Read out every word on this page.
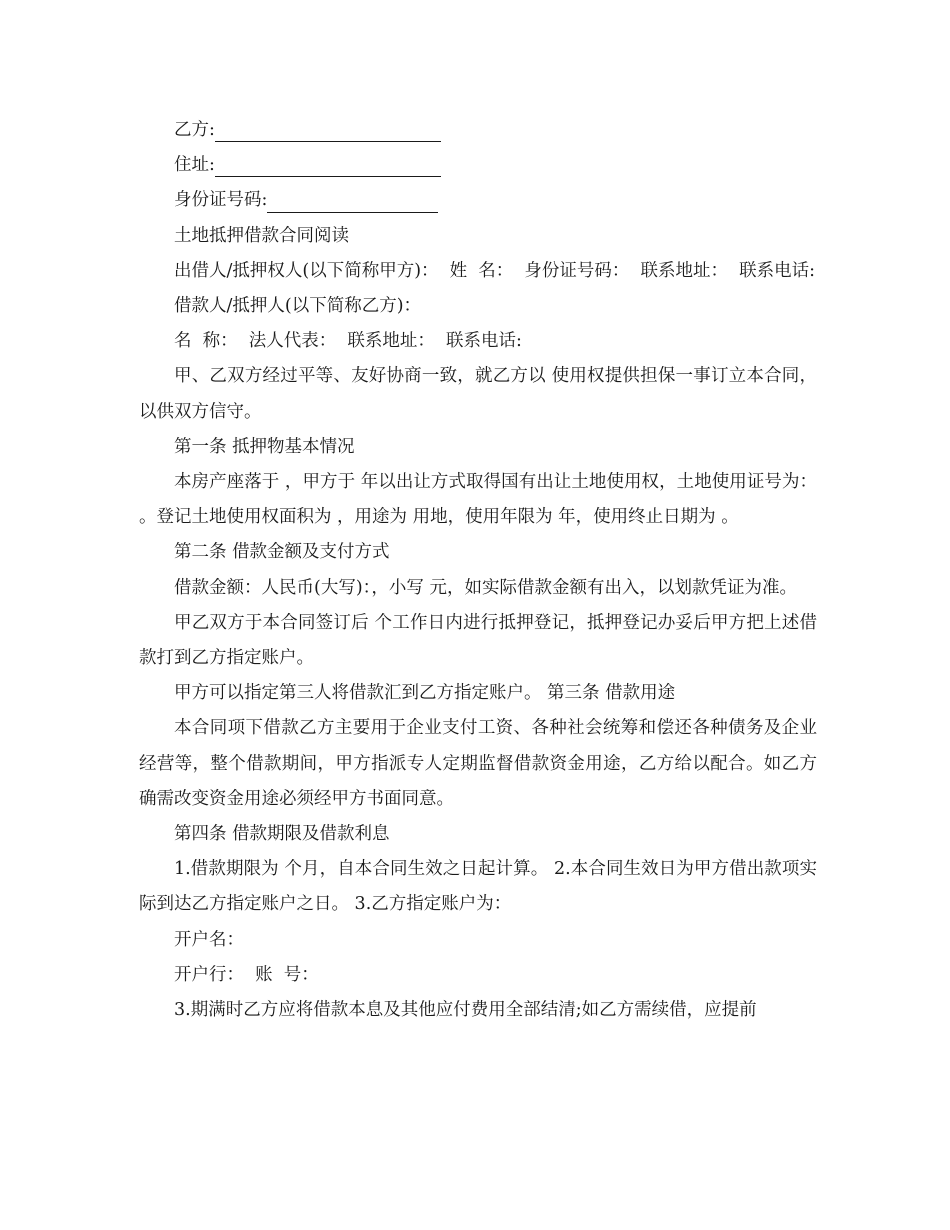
乙方:
住址:
身份证号码:

土地抵押借款合同阅读

出借人/抵押权人(以下简称甲方)：  姓  名：  身份证号码：  联系地址：  联系电话:

借款人/抵押人(以下简称乙方)：

名  称：  法人代表：  联系地址：  联系电话:

甲、乙双方经过平等、友好协商一致，就乙方以 使用权提供担保一事订立本合同，以供双方信守。

第一条 抵押物基本情况

本房产座落于 ，甲方于 年以出让方式取得国有出让土地使用权，土地使用证号为：  。登记土地使用权面积为 ，用途为 用地，使用年限为 年，使用终止日期为 。

第二条 借款金额及支付方式

借款金额：人民币(大写)：，小写 元，如实际借款金额有出入，以划款凭证为准。

甲乙双方于本合同签订后 个工作日内进行抵押登记，抵押登记办妥后甲方把上述借款打到乙方指定账户。

甲方可以指定第三人将借款汇到乙方指定账户。 第三条 借款用途

本合同项下借款乙方主要用于企业支付工资、各种社会统筹和偿还各种债务及企业经营等，整个借款期间，甲方指派专人定期监督借款资金用途，乙方给以配合。如乙方确需改变资金用途必须经甲方书面同意。

第四条 借款期限及借款利息

1.借款期限为 个月，自本合同生效之日起计算。 2.本合同生效日为甲方借出款项实际到达乙方指定账户之日。 3.乙方指定账户为：

开户名：

开户行：  账  号：

3.期满时乙方应将借款本息及其他应付费用全部结清;如乙方需续借，应提前
